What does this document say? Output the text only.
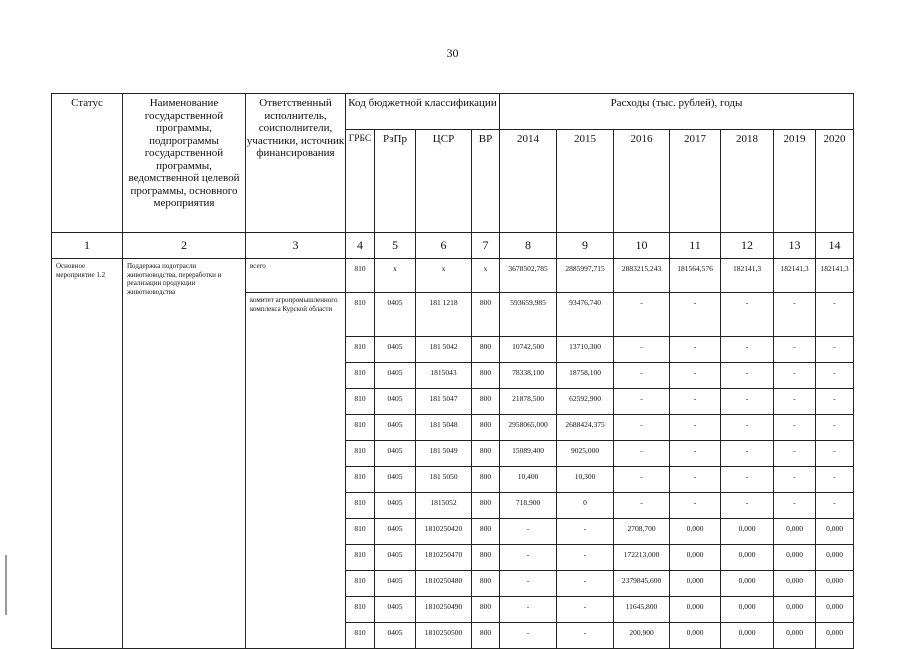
30
Статус	Наименование государственной программы, подпрограммы государственной программы, ведомственной целевой программы, основного мероприятия	Ответственный исполнитель, соисполнители, участники, источник финансирования	Код бюджетной классификации				Расходы (тыс. рублей), годы						
			ГРБС	РзПр	ЦСР	ВР	2014	2015	2016	2017	2018	2019	2020
1	2	3	4	5	6	7	8	9	10	11	12	13	14
Основное мероприятие 1.2	Поддержка подотрасли животноводства, переработки и реализации продукции животноводства	всего	810	х	х	х	3678502,785	2885997,715	2883215,243	181564,576	182141,3	182141,3	182141,3
		комитет агропромышленного комплекса Курской области	810	0405	181 1218	800	593659,985	93476,740	-	-	-	-	-
			810	0405	181 5042	800	10742,500	13710,300	-	-	-	-	-
			810	0405	1815043	800	78338,100	18758,100	-	-	-	-	-
			810	0405	181 5047	800	21878,500	62592,900	-	-	-	-	-
			810	0405	181 5048	800	2958065,000	2688424,375	-	-	-	-	-
			810	0405	181 5049	800	15089,400	9025,000	-	-	-	-	-
			810	0405	181 5050	800	10,400	10,300	-	-	-	-	-
			810	0405	1815052	800	718,900	0	-	-	-	-	-
			810	0405	1810250420	800	-	-	2708,700	0,000	0,000	0,000	0,000
			810	0405	1810250470	800	-	-	172213,000	0,000	0,000	0,000	0,000
			810	0405	1810250480	800	-	-	2379845,600	0,000	0,000	0,000	0,000
			810	0405	1810250490	800	-	-	11645,800	0,000	0,000	0,000	0,000
			810	0405	1810250500	800	-	-	200,900	0,000	0,000	0,000	0,000
